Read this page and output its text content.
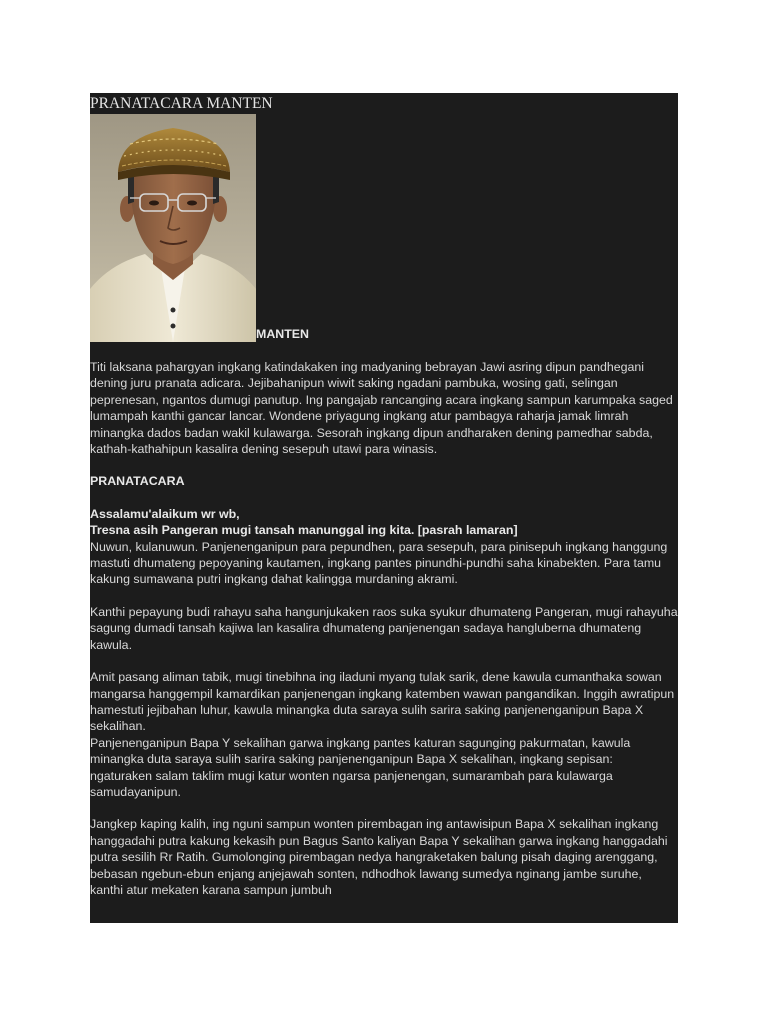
PRANATACARA MANTEN
MANTEN

Titi laksana pahargyan ingkang katindakaken ing madyaning bebrayan Jawi asring dipun pandhegani dening juru pranata adicara. Jejibahanipun wiwit saking ngadani pambuka, wosing gati, selingan peprenesan, ngantos dumugi panutup. Ing pangajab rancanging acara ingkang sampun karumpaka saged lumampah kanthi gancar lancar. Wondene priyagung ingkang atur pambagya raharja jamak limrah minangka dados badan wakil kulawarga. Sesorah ingkang dipun andharaken dening pamedhar sabda, kathah-kathahipun kasalira dening sesepuh utawi para winasis.

PRANATACARA

Assalamu'alaikum wr wb,

Tresna asih Pangeran mugi tansah manunggal ing kita. [pasrah lamaran]

Nuwun, kulanuwun. Panjenenganipun para pepundhen, para sesepuh, para pinisepuh ingkang hanggung mastuti dhumateng pepoyaning kautamen, ingkang pantes pinundhi-pundhi saha kinabekten. Para tamu kakung sumawana putri ingkang dahat kalingga murdaning akrami.

Kanthi pepayung budi rahayu saha hangunjukaken raos suka syukur dhumateng Pangeran, mugi rahayuha sagung dumadi tansah kajiwa lan kasalira dhumateng panjenengan sadaya hangluberna dhumateng kawula.

Amit pasang aliman tabik, mugi tinebihna ing iladuni myang tulak sarik, dene kawula cumanthaka sowan mangarsa hanggempil kamardikan panjenengan ingkang katemben wawan pangandikan. Inggih awratipun hamestuti jejibahan luhur, kawula minangka duta saraya sulih sarira saking panjenenganipun Bapa X sekalihan.

Panjenenganipun Bapa Y sekalihan garwa ingkang pantes katuran sagunging pakurmatan, kawula minangka duta saraya sulih sarira saking panjenenganipun Bapa X sekalihan, ingkang sepisan: ngaturaken salam taklim mugi katur wonten ngarsa panjenengan, sumarambah para kulawarga samudayanipun.

Jangkep kaping kalih, ing nguni sampun wonten pirembagan ing antawisipun Bapa X sekalihan ingkang hanggadahi putra kakung kekasih pun Bagus Santo kaliyan Bapa Y sekalihan garwa ingkang hanggadahi putra sesilih Rr Ratih. Gumolonging pirembagan nedya hangraketaken balung pisah daging arenggang, bebasan ngebun-ebun enjang anjejawah sonten, ndhodhok lawang sumedya nginang jambe suruhe, kanthi atur mekaten karana sampun jumbuh
